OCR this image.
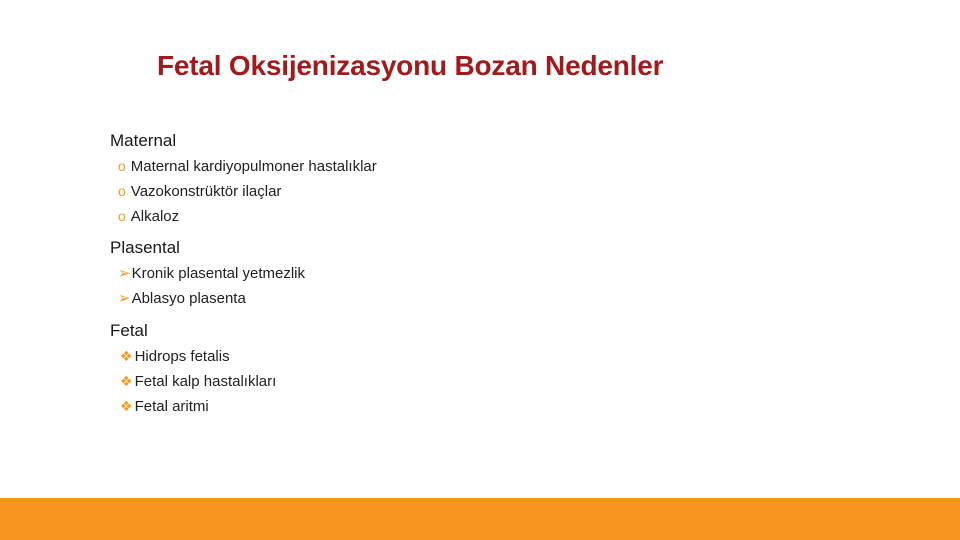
Fetal Oksijenizasyonu Bozan Nedenler
Maternal
o Maternal kardiyopulmoner hastalıklar
o Vazokonstrüktör ilaçlar
o Alkaloz
Plasental
➢Kronik plasental yetmezlik
➢Ablasyo plasenta
Fetal
❖ Hidrops fetalis
❖ Fetal kalp hastalıkları
❖ Fetal aritmi
